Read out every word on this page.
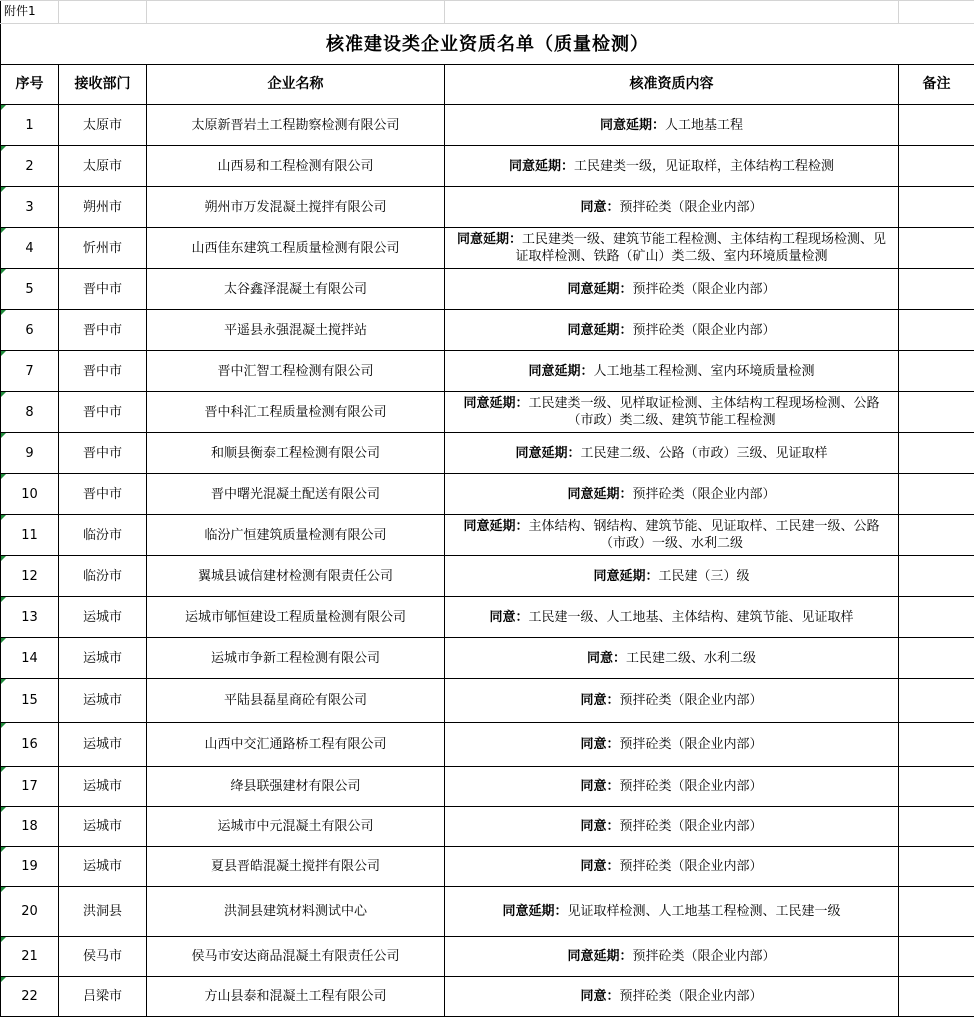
附件1				
核准建设类企业资质名单（质量检测）				
序号	接收部门	企业名称	核准资质内容	备注

1	太原市	太原新晋岩土工程勘察检测有限公司	同意延期：人工地基工程	

2	太原市	山西易和工程检测有限公司	同意延期：工民建类一级，见证取样，主体结构工程检测	

3	朔州市	朔州市万发混凝土搅拌有限公司	同意：预拌砼类（限企业内部）	

4	忻州市	山西佳东建筑工程质量检测有限公司	同意延期：工民建类一级、建筑节能工程检测、主体结构工程现场检测、见证取样检测、铁路（矿山）类二级、室内环境质量检测	

5	晋中市	太谷鑫泽混凝土有限公司	同意延期：预拌砼类（限企业内部）	

6	晋中市	平遥县永强混凝土搅拌站	同意延期：预拌砼类（限企业内部）	

7	晋中市	晋中汇智工程检测有限公司	同意延期：人工地基工程检测、室内环境质量检测	

8	晋中市	晋中科汇工程质量检测有限公司	同意延期：工民建类一级、见样取证检测、主体结构工程现场检测、公路（市政）类二级、建筑节能工程检测	

9	晋中市	和顺县衡泰工程检测有限公司	同意延期：工民建二级、公路（市政）三级、见证取样	

10	晋中市	晋中曙光混凝土配送有限公司	同意延期：预拌砼类（限企业内部）	

11	临汾市	临汾广恒建筑质量检测有限公司	同意延期：主体结构、钢结构、建筑节能、见证取样、工民建一级、公路（市政）一级、水利二级	

12	临汾市	翼城县诚信建材检测有限责任公司	同意延期：工民建（三）级	

13	运城市	运城市郇恒建设工程质量检测有限公司	同意：工民建一级、人工地基、主体结构、建筑节能、见证取样	

14	运城市	运城市争新工程检测有限公司	同意：工民建二级、水利二级	

15	运城市	平陆县磊星商砼有限公司	同意：预拌砼类（限企业内部）	

16	运城市	山西中交汇通路桥工程有限公司	同意：预拌砼类（限企业内部）	

17	运城市	绛县联强建材有限公司	同意：预拌砼类（限企业内部）	

18	运城市	运城市中元混凝土有限公司	同意：预拌砼类（限企业内部）	

19	运城市	夏县晋皓混凝土搅拌有限公司	同意：预拌砼类（限企业内部）	

20	洪洞县	洪洞县建筑材料测试中心	同意延期：见证取样检测、人工地基工程检测、工民建一级	

21	侯马市	侯马市安达商品混凝土有限责任公司	同意延期：预拌砼类（限企业内部）	

22	吕梁市	方山县泰和混凝土工程有限公司	同意：预拌砼类（限企业内部）	
